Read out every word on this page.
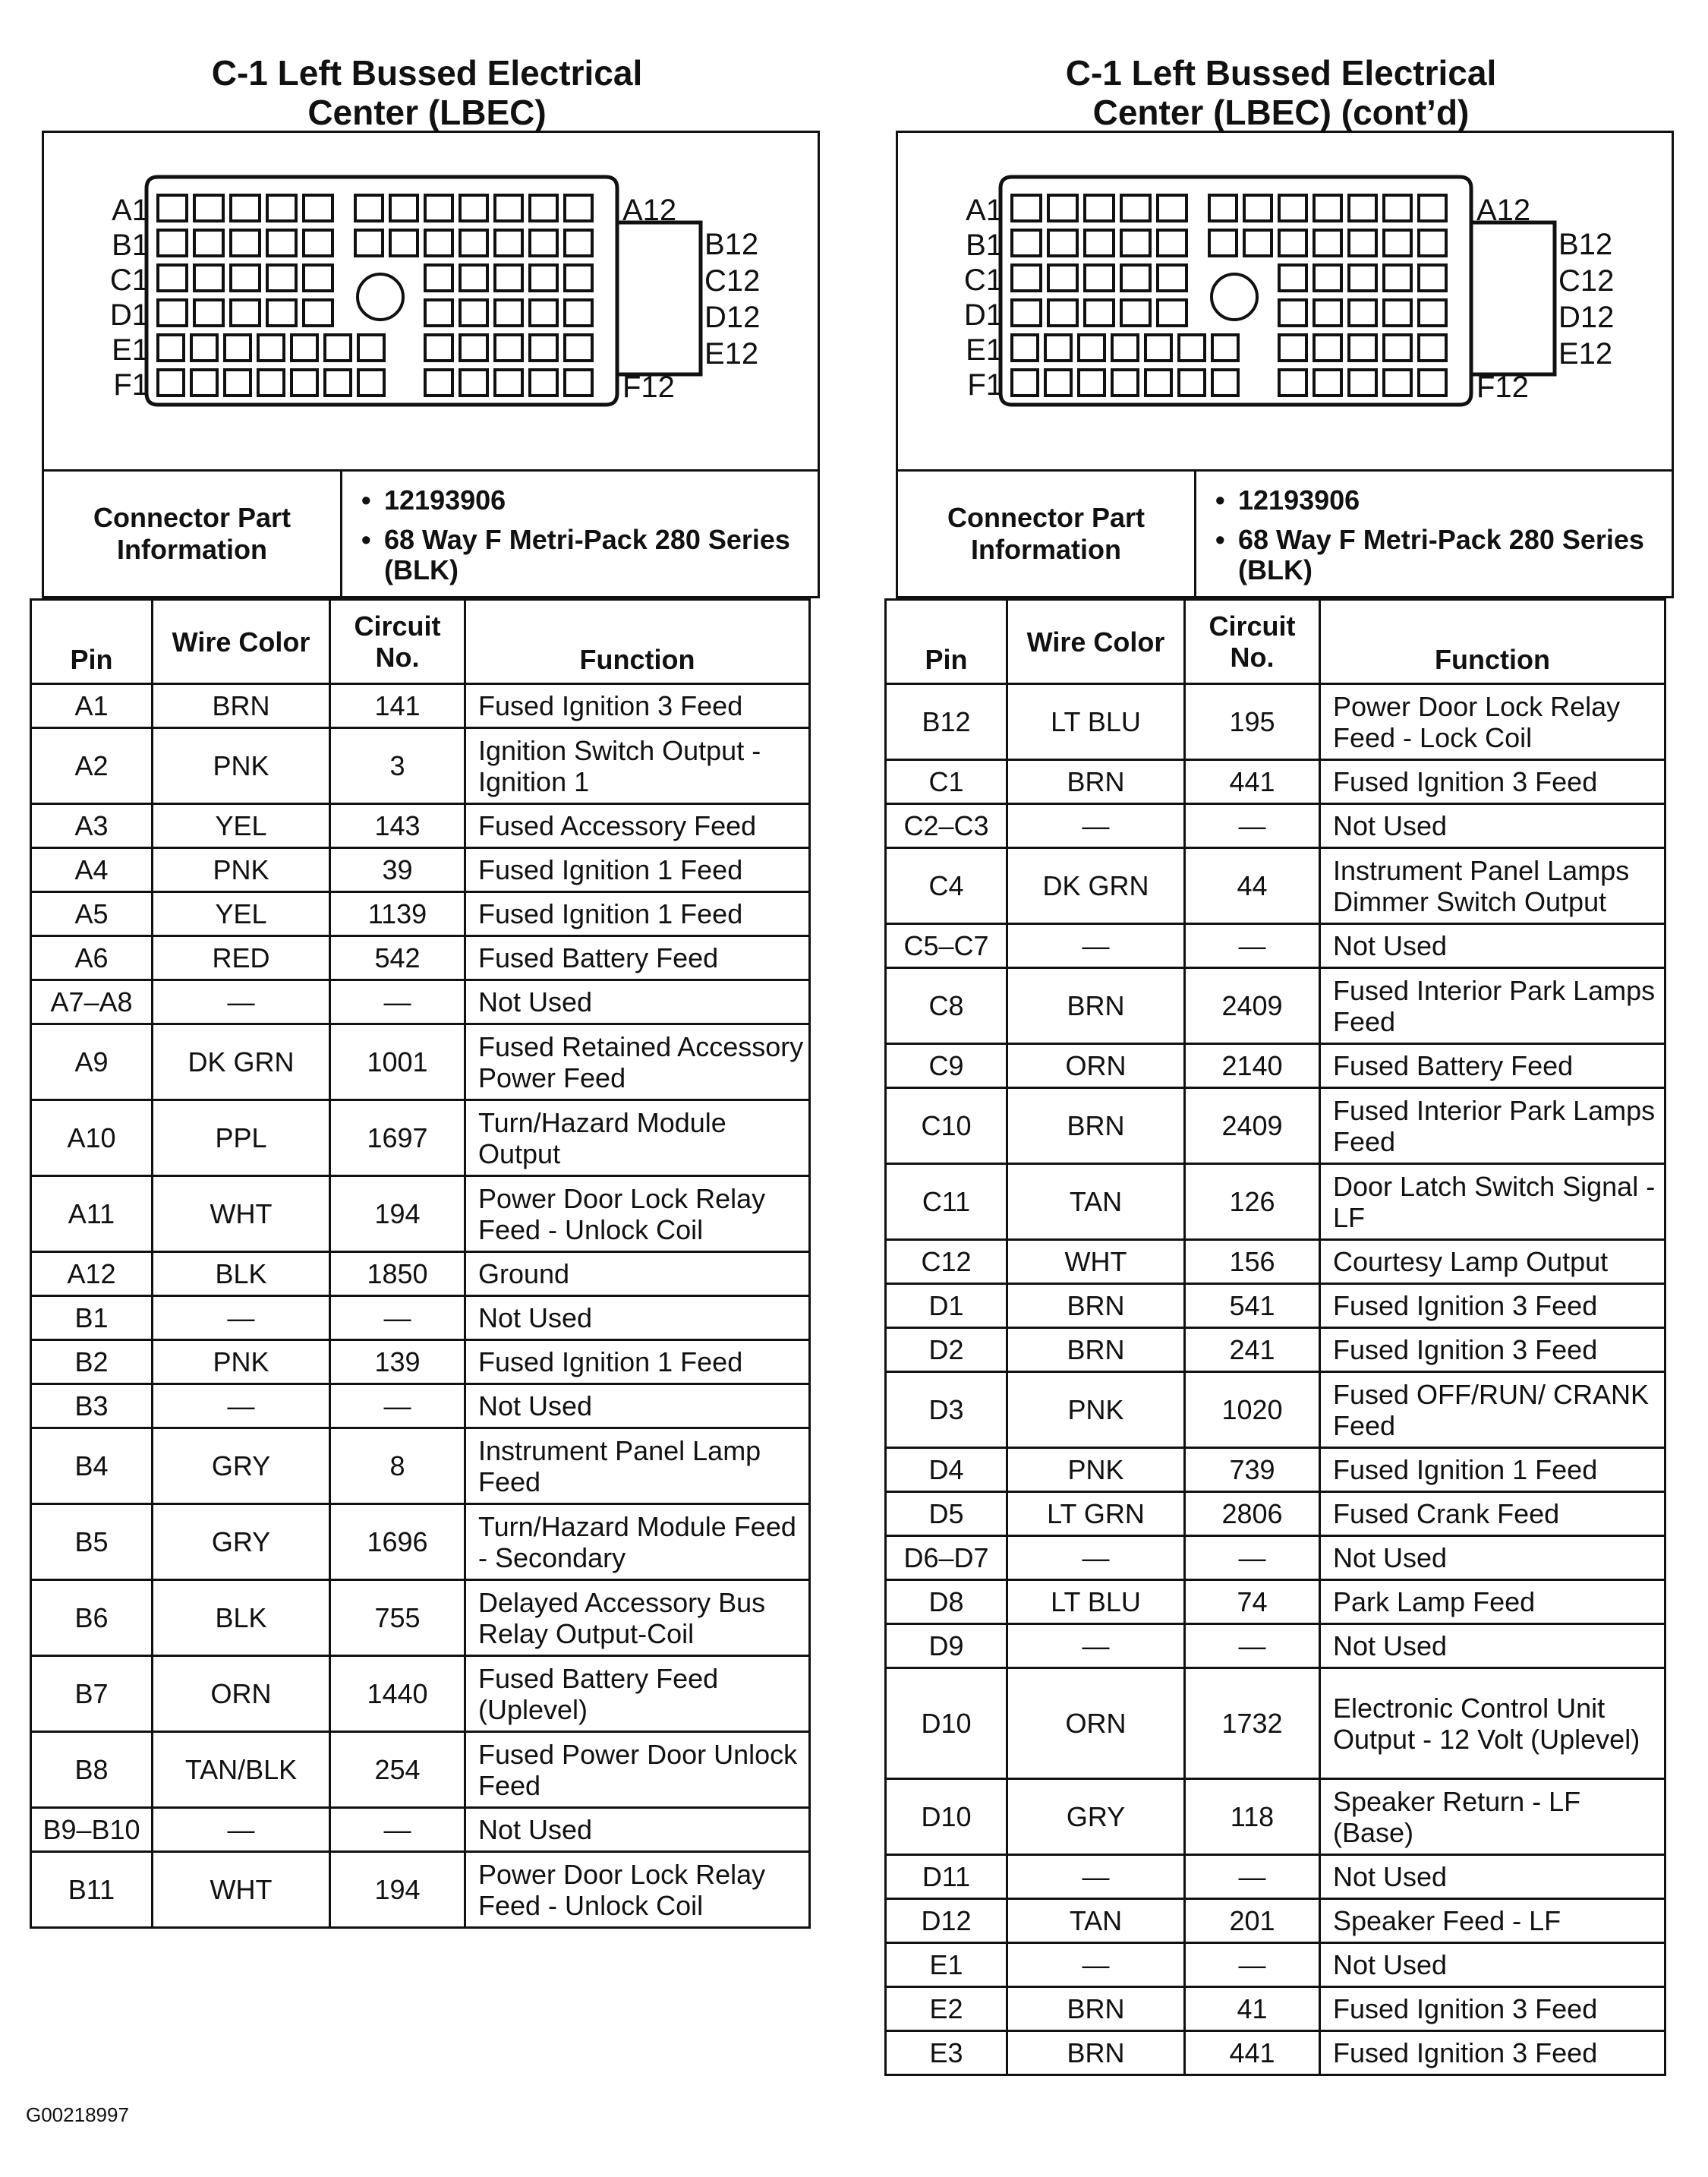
C-1 Left Bussed Electrical
Center (LBEC)
A1
B1
C1
D1
E1
F1
A12
B12
C12
D12
E12
F12
Connector Part Information
• 12193906
• 68 Way F Metri-Pack 280 Series (BLK)
Pin	Wire Color	Circuit No.	Function
A1	BRN	141	Fused Ignition 3 Feed
A2	PNK	3	Ignition Switch Output - Ignition 1
A3	YEL	143	Fused Accessory Feed
A4	PNK	39	Fused Ignition 1 Feed
A5	YEL	1139	Fused Ignition 1 Feed
A6	RED	542	Fused Battery Feed
A7–A8	—	—	Not Used
A9	DK GRN	1001	Fused Retained Accessory Power Feed
A10	PPL	1697	Turn/Hazard Module Output
A11	WHT	194	Power Door Lock Relay Feed - Unlock Coil
A12	BLK	1850	Ground
B1	—	—	Not Used
B2	PNK	139	Fused Ignition 1 Feed
B3	—	—	Not Used
B4	GRY	8	Instrument Panel Lamp Feed
B5	GRY	1696	Turn/Hazard Module Feed - Secondary
B6	BLK	755	Delayed Accessory Bus Relay Output-Coil
B7	ORN	1440	Fused Battery Feed (Uplevel)
B8	TAN/BLK	254	Fused Power Door Unlock Feed
B9–B10	—	—	Not Used
B11	WHT	194	Power Door Lock Relay Feed - Unlock Coil
C-1 Left Bussed Electrical
Center (LBEC) (cont’d)
A1
B1
C1
D1
E1
F1
A12
B12
C12
D12
E12
F12
Connector Part Information
• 12193906
• 68 Way F Metri-Pack 280 Series (BLK)
Pin	Wire Color	Circuit No.	Function
B12	LT BLU	195	Power Door Lock Relay Feed - Lock Coil
C1	BRN	441	Fused Ignition 3 Feed
C2–C3	—	—	Not Used
C4	DK GRN	44	Instrument Panel Lamps Dimmer Switch Output
C5–C7	—	—	Not Used
C8	BRN	2409	Fused Interior Park Lamps Feed
C9	ORN	2140	Fused Battery Feed
C10	BRN	2409	Fused Interior Park Lamps Feed
C11	TAN	126	Door Latch Switch Signal - LF
C12	WHT	156	Courtesy Lamp Output
D1	BRN	541	Fused Ignition 3 Feed
D2	BRN	241	Fused Ignition 3 Feed
D3	PNK	1020	Fused OFF/RUN/ CRANK Feed
D4	PNK	739	Fused Ignition 1 Feed
D5	LT GRN	2806	Fused Crank Feed
D6–D7	—	—	Not Used
D8	LT BLU	74	Park Lamp Feed
D9	—	—	Not Used
D10	ORN	1732	Electronic Control Unit Output - 12 Volt (Uplevel)
D10	GRY	118	Speaker Return - LF (Base)
D11	—	—	Not Used
D12	TAN	201	Speaker Feed - LF
E1	—	—	Not Used
E2	BRN	41	Fused Ignition 3 Feed
E3	BRN	441	Fused Ignition 3 Feed
G00218997
